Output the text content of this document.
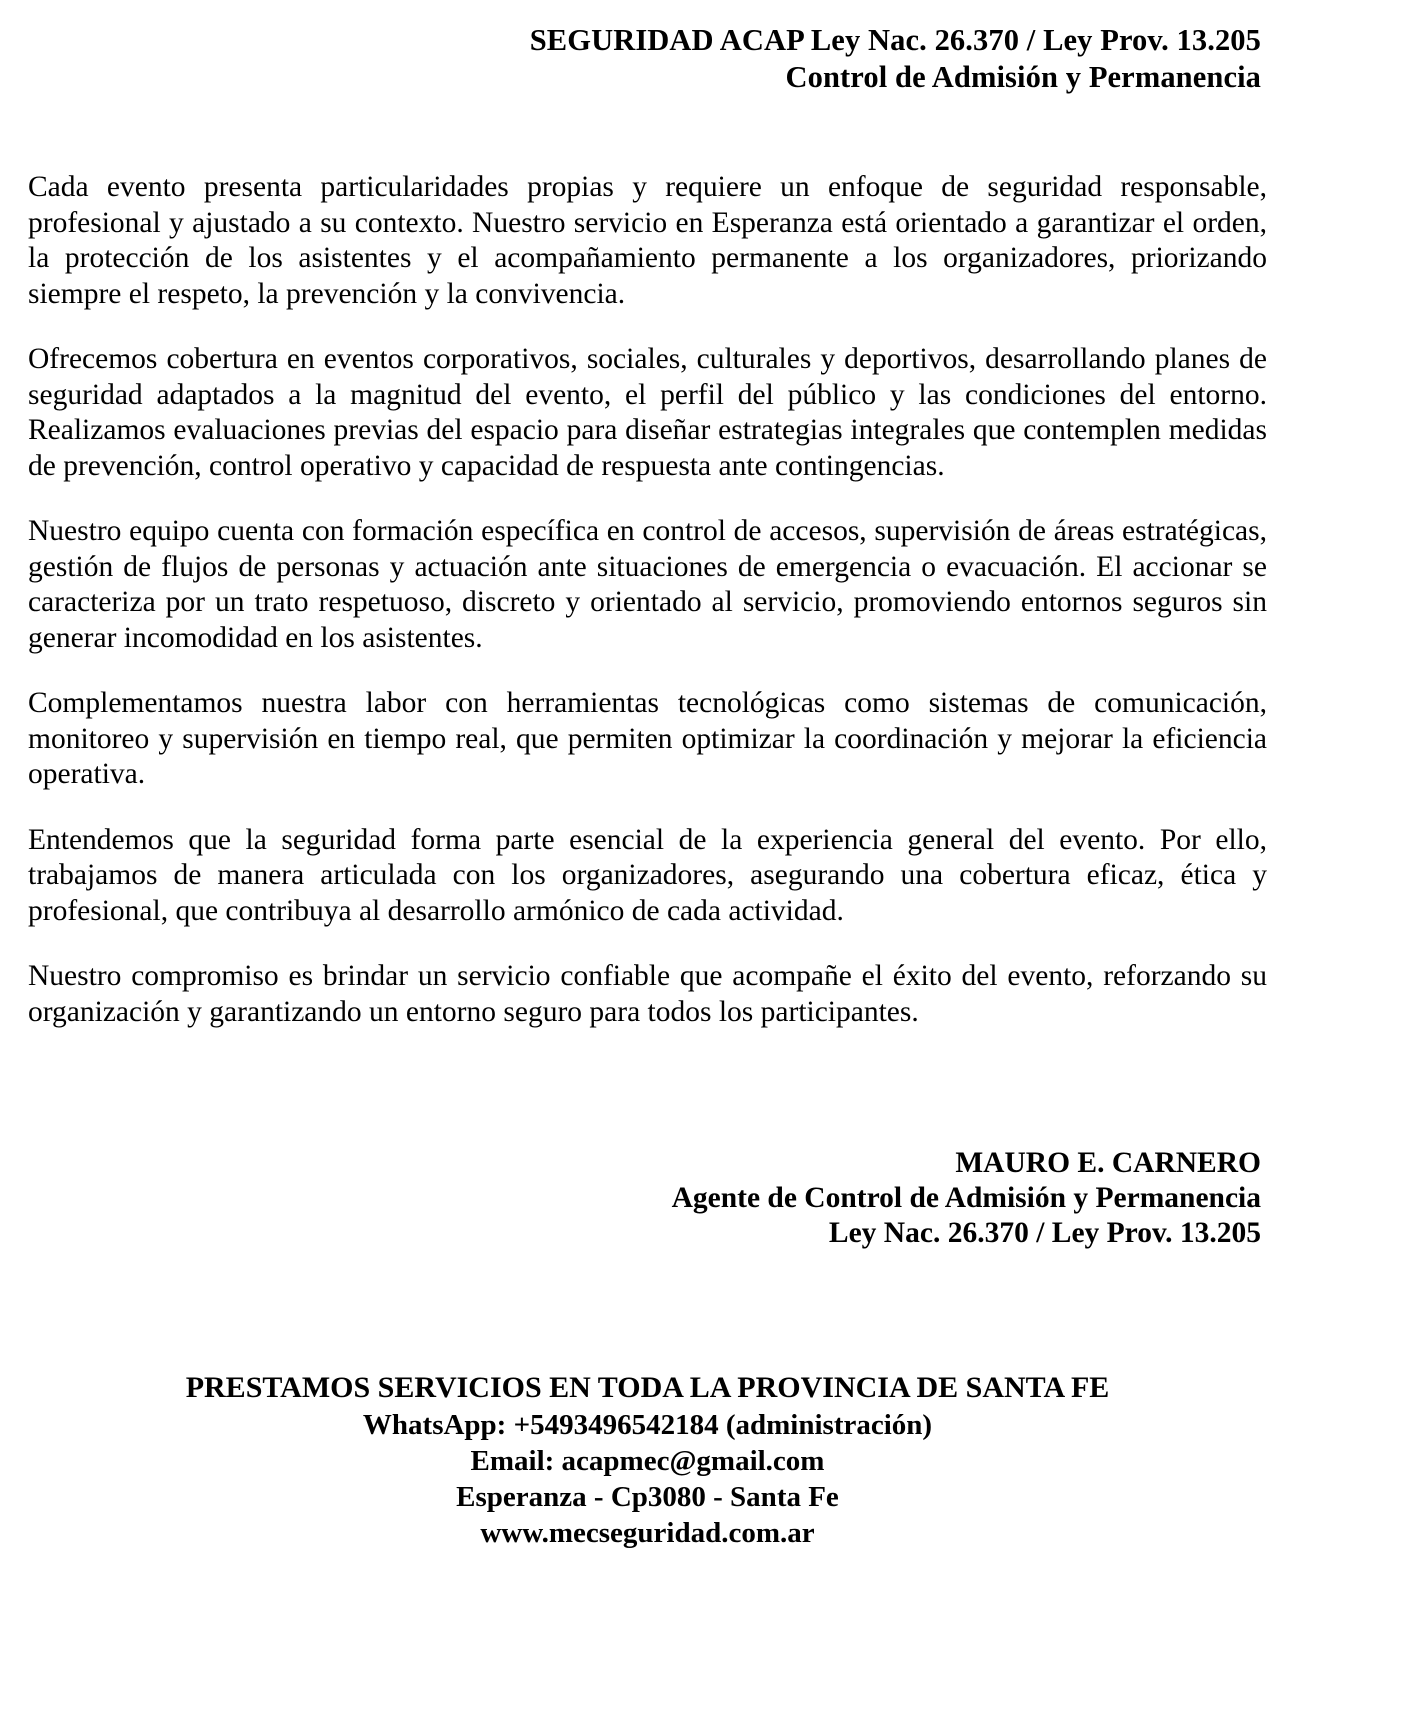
SEGURIDAD ACAP Ley Nac. 26.370 / Ley Prov. 13.205
Control de Admisión y Permanencia

Cada evento presenta particularidades propias y requiere un enfoque de seguridad responsable, profesional y ajustado a su contexto. Nuestro servicio en Esperanza está orientado a garantizar el orden, la protección de los asistentes y el acompañamiento permanente a los organizadores, priorizando siempre el respeto, la prevención y la convivencia.

Ofrecemos cobertura en eventos corporativos, sociales, culturales y deportivos, desarrollando planes de seguridad adaptados a la magnitud del evento, el perfil del público y las condiciones del entorno. Realizamos evaluaciones previas del espacio para diseñar estrategias integrales que contemplen medidas de prevención, control operativo y capacidad de respuesta ante contingencias.

Nuestro equipo cuenta con formación específica en control de accesos, supervisión de áreas estratégicas, gestión de flujos de personas y actuación ante situaciones de emergencia o evacuación. El accionar se caracteriza por un trato respetuoso, discreto y orientado al servicio, promoviendo entornos seguros sin generar incomodidad en los asistentes.

Complementamos nuestra labor con herramientas tecnológicas como sistemas de comunicación, monitoreo y supervisión en tiempo real, que permiten optimizar la coordinación y mejorar la eficiencia operativa.

Entendemos que la seguridad forma parte esencial de la experiencia general del evento. Por ello, trabajamos de manera articulada con los organizadores, asegurando una cobertura eficaz, ética y profesional, que contribuya al desarrollo armónico de cada actividad.

Nuestro compromiso es brindar un servicio confiable que acompañe el éxito del evento, reforzando su organización y garantizando un entorno seguro para todos los participantes.

MAURO E. CARNERO
Agente de Control de Admisión y Permanencia
Ley Nac. 26.370 / Ley Prov. 13.205
PRESTAMOS SERVICIOS EN TODA LA PROVINCIA DE SANTA FE
WhatsApp: +5493496542184 (administración)
Email: acapmec@gmail.com
Esperanza - Cp3080 - Santa Fe
www.mecseguridad.com.ar
